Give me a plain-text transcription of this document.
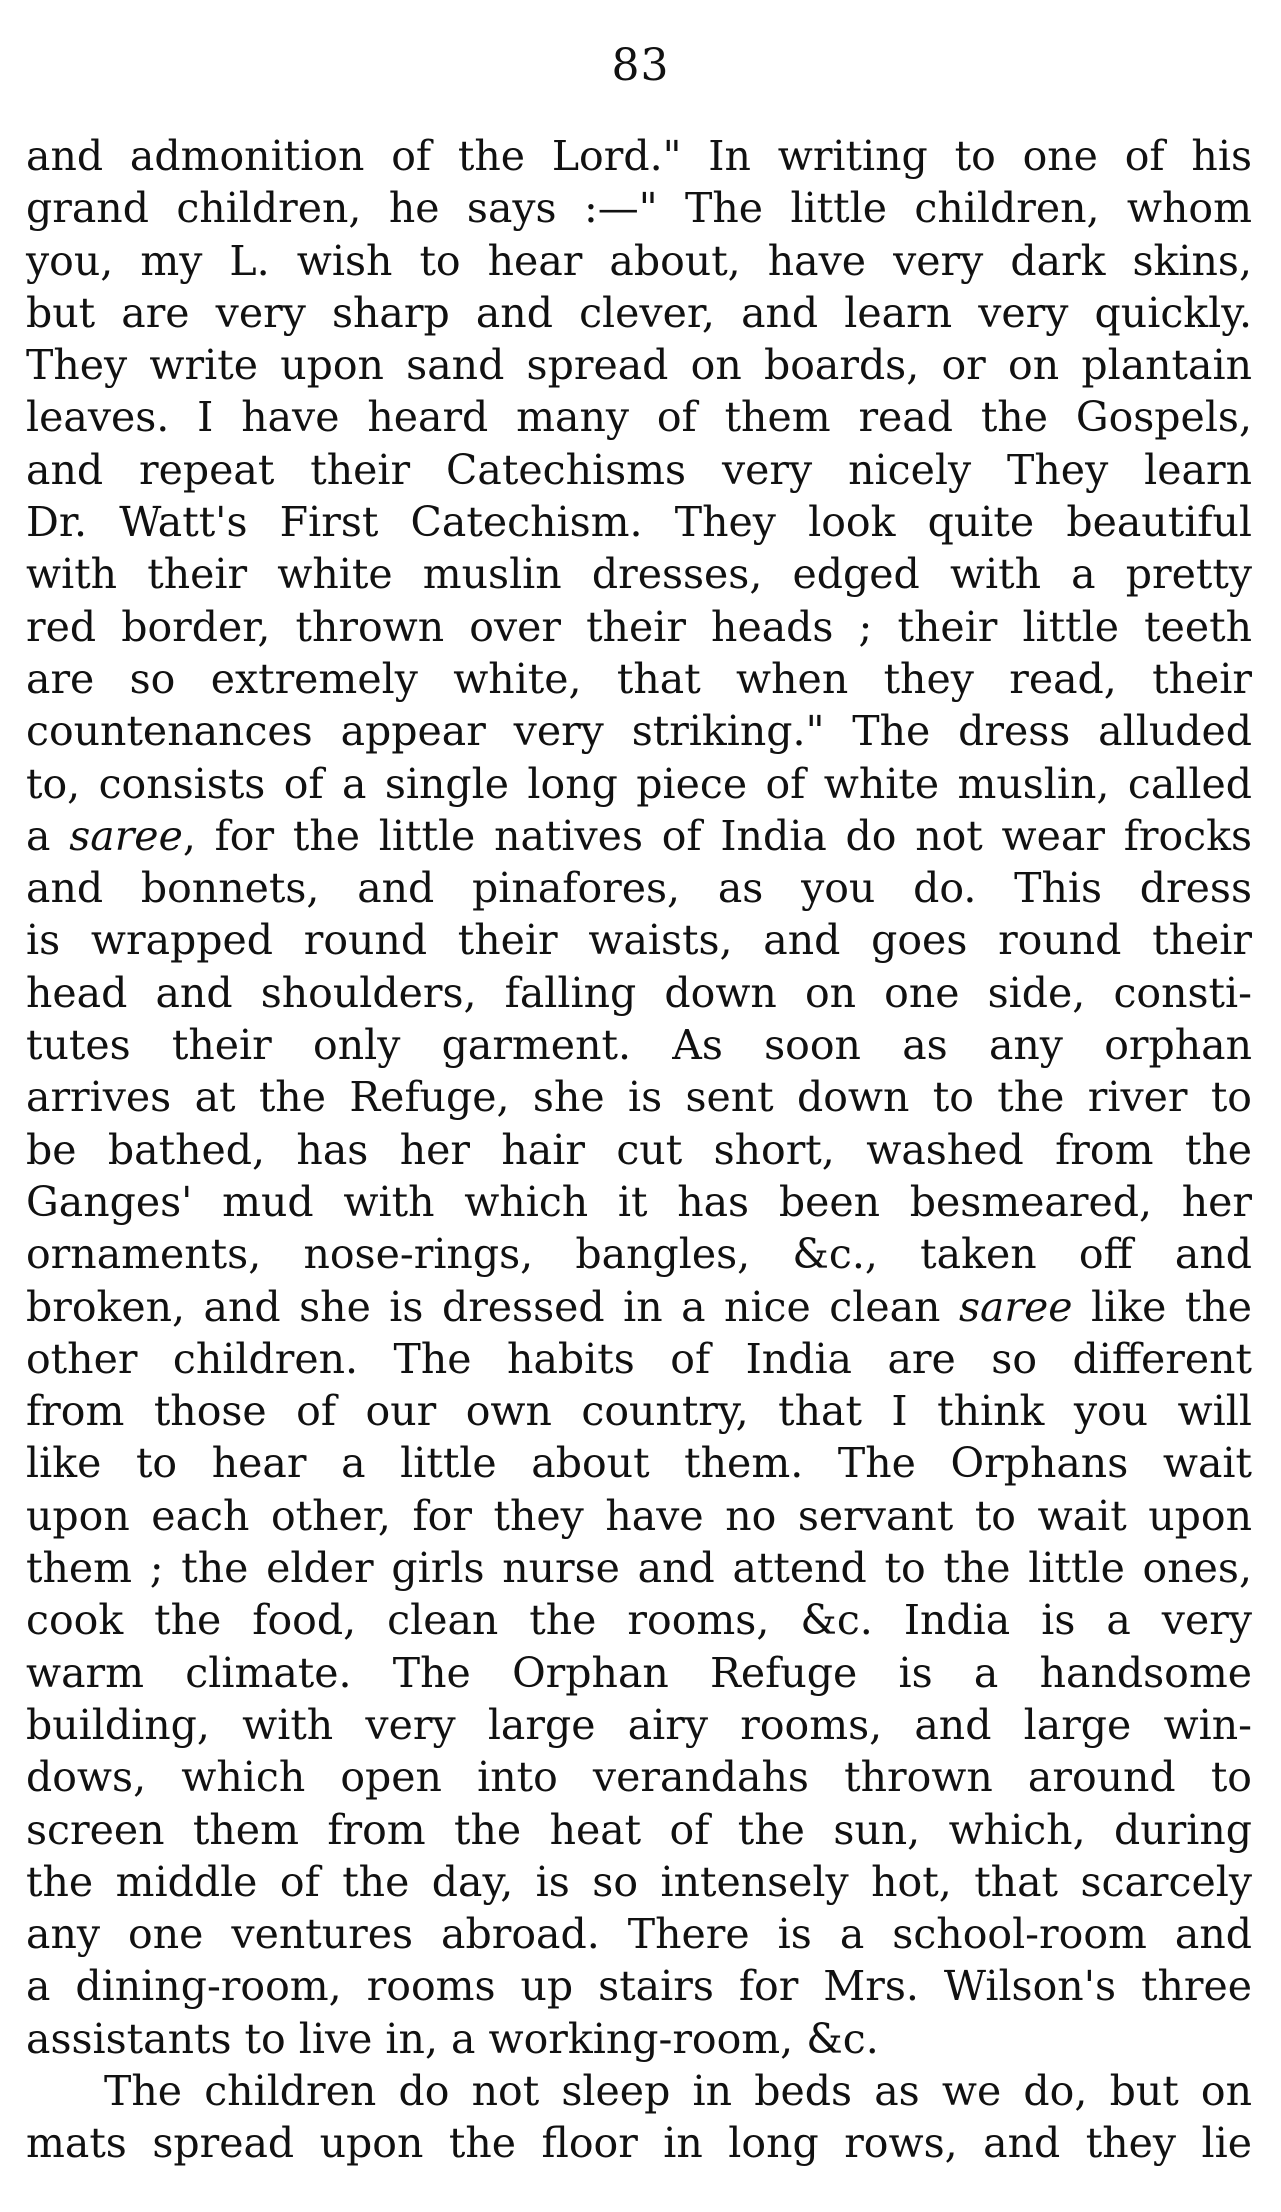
83
and admonition of the Lord." In writing to one of his
grand children, he says :—" The little children, whom
you, my L. wish to hear about, have very dark skins,
but are very sharp and clever, and learn very quickly.
They write upon sand spread on boards, or on plantain
leaves. I have heard many of them read the Gospels,
and repeat their Catechisms very nicely They learn
Dr. Watt's First Catechism. They look quite beautiful
with their white muslin dresses, edged with a pretty
red border, thrown over their heads ; their little teeth
are so extremely white, that when they read, their
countenances appear very striking." The dress alluded
to, consists of a single long piece of white muslin, called
a saree, for the little natives of India do not wear frocks
and bonnets, and pinafores, as you do. This dress
is wrapped round their waists, and goes round their
head and shoulders, falling down on one side, consti-
tutes their only garment. As soon as any orphan
arrives at the Refuge, she is sent down to the river to
be bathed, has her hair cut short, washed from the
Ganges' mud with which it has been besmeared, her
ornaments, nose-rings, bangles, &c., taken off and
broken, and she is dressed in a nice clean saree like the
other children. The habits of India are so different
from those of our own country, that I think you will
like to hear a little about them. The Orphans wait
upon each other, for they have no servant to wait upon
them ; the elder girls nurse and attend to the little ones,
cook the food, clean the rooms, &c. India is a very
warm climate. The Orphan Refuge is a handsome
building, with very large airy rooms, and large win-
dows, which open into verandahs thrown around to
screen them from the heat of the sun, which, during
the middle of the day, is so intensely hot, that scarcely
any one ventures abroad. There is a school-room and
a dining-room, rooms up stairs for Mrs. Wilson's three
assistants to live in, a working-room, &c.
The children do not sleep in beds as we do, but on
mats spread upon the floor in long rows, and they lie
